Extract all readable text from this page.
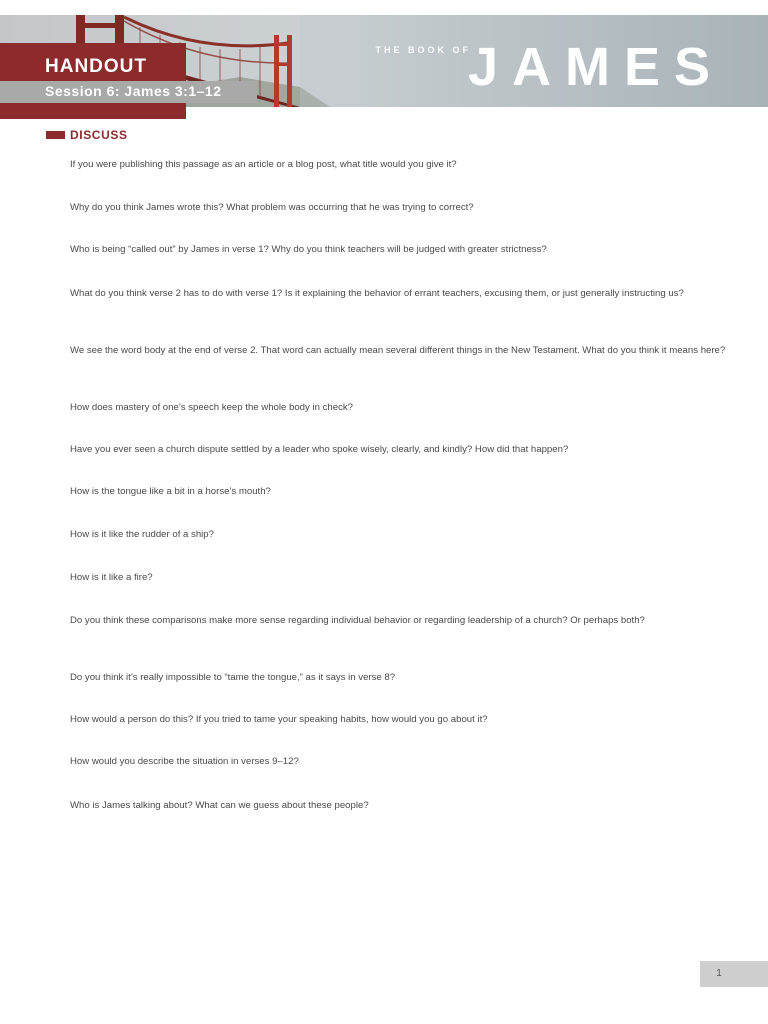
THE BOOK OF
JAMES
HANDOUT
Session 6: James 3:1–12
DISCUSS
If you were publishing this passage as an article or a blog post, what title would you give it?
Why do you think James wrote this? What problem was occurring that he was trying to correct?
Who is being “called out” by James in verse 1? Why do you think teachers will be judged with greater strictness?
What do you think verse 2 has to do with verse 1? Is it explaining the behavior of errant teachers, excusing them, or just generally instructing us?
We see the word body at the end of verse 2. That word can actually mean several different things in the New Testament. What do you think it means here?
How does mastery of one’s speech keep the whole body in check?
Have you ever seen a church dispute settled by a leader who spoke wisely, clearly, and kindly? How did that happen?
How is the tongue like a bit in a horse’s mouth?
How is it like the rudder of a ship?
How is it like a fire?
Do you think these comparisons make more sense regarding individual behavior or regarding leadership of a church? Or perhaps both?
Do you think it’s really impossible to “tame the tongue,” as it says in verse 8?
How would a person do this? If you tried to tame your speaking habits, how would you go about it?
How would you describe the situation in verses 9–12?
Who is James talking about? What can we guess about these people?
1
